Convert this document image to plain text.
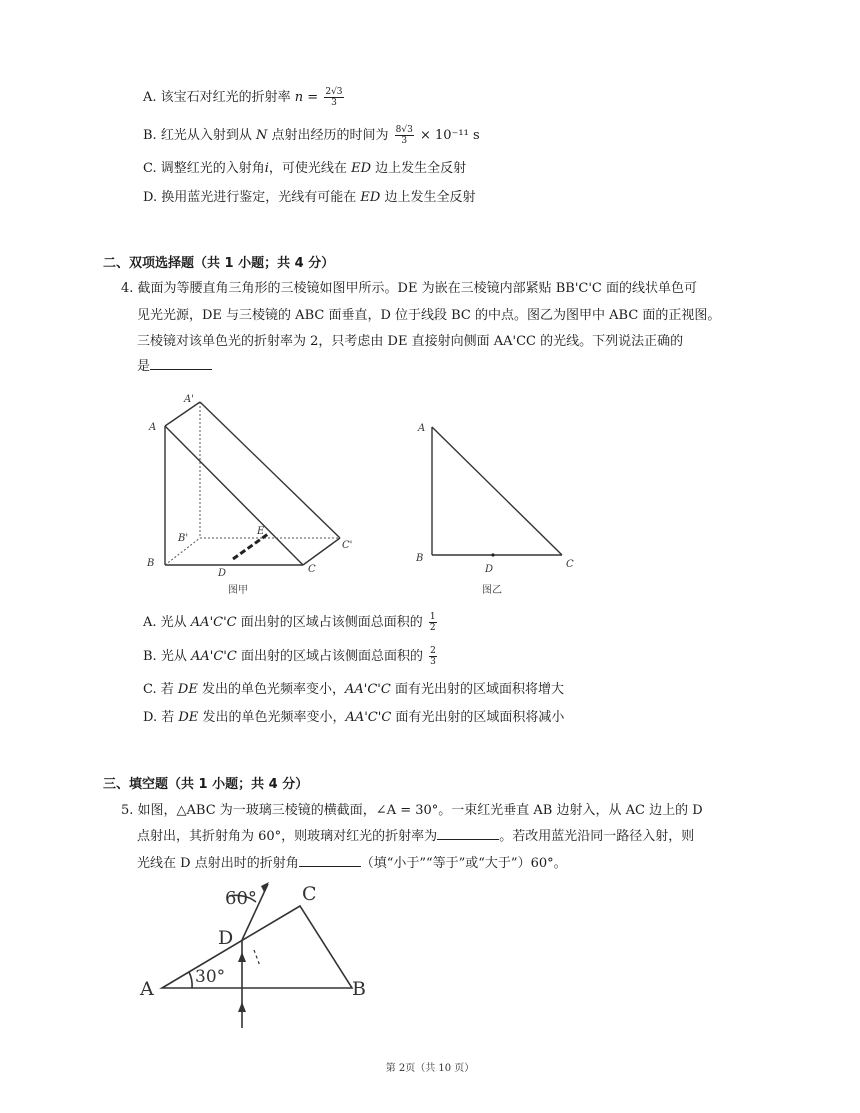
A. 该宝石对红光的折射率 $n = \frac{2√3}{3}$
B. 红光从入射到从 N 点射出经历的时间为 $\frac{8√3}{3} \times 10^{-11}$ s
C. 调整红光的入射角i，可使光线在 ED 边上发生全反射
D. 换用蓝光进行鉴定，光线有可能在 ED 边上发生全反射
二、双项选择题（共 1 小题；共 4 分）
4. 截面为等腰直角三角形的三棱镜如图甲所示。DE 为嵌在三棱镜内部紧贴 BB'C'C 面的线状单色可
见光光源，DE 与三棱镜的 ABC 面垂直，D 位于线段 BC 的中点。图乙为图甲中 ABC 面的正视图。
三棱镜对该单色光的折射率为 2，只考虑由 DE 直接射向侧面 AA'CC 的光线。下列说法正确的
是
A
A'
B
B'
C
C'
D
E
图甲
A
B
C
D
图乙
A. 光从 AA'C'C 面出射的区域占该侧面总面积的 $\frac{1}{2}$
B. 光从 AA'C'C 面出射的区域占该侧面总面积的 $\frac{2}{3}$
C. 若 DE 发出的单色光频率变小，AA'C'C 面有光出射的区域面积将增大
D. 若 DE 发出的单色光频率变小，AA'C'C 面有光出射的区域面积将减小
三、填空题（共 1 小题；共 4 分）
5. 如图，△ABC 为一玻璃三棱镜的横截面，∠A = 30°。一束红光垂直 AB 边射入，从 AC 边上的 D
点射出，其折射角为 60°，则玻璃对红光的折射率为	。若改用蓝光沿同一路径入射，则
光线在 D 点射出时的折射角	（填“小于”“等于”或“大于”）60°。
60°
30°
A	B
C
D
第 2页（共 10 页）
